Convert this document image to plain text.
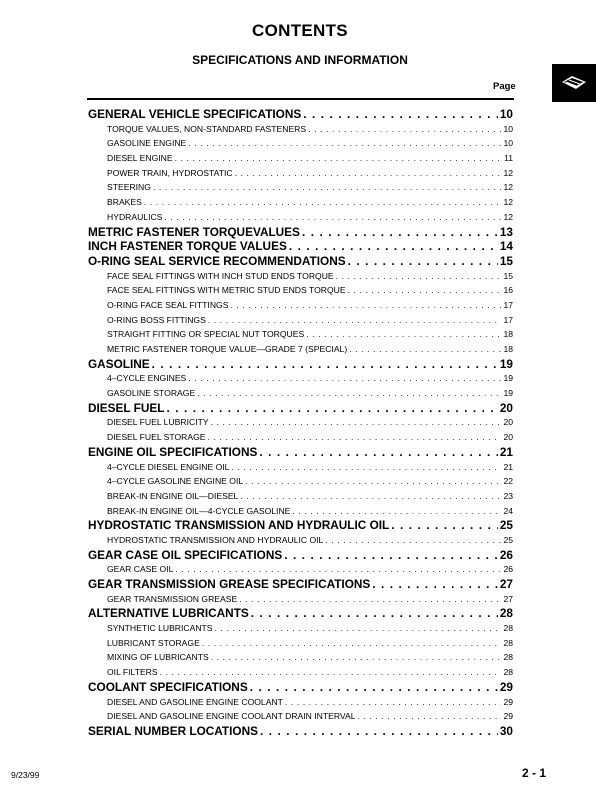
CONTENTS
SPECIFICATIONS AND INFORMATION
Page
GENERAL VEHICLE SPECIFICATIONS . . .	10
TORQUE VALUES, NON-STANDARD FASTENERS . . .	10
GASOLINE ENGINE . . .	10
DIESEL ENGINE . . .	11
POWER TRAIN, HYDROSTATIC . . .	12
STEERING . . .	12
BRAKES . . .	12
HYDRAULICS . . .	12
METRIC FASTENER TORQUEVALUES . . .	13
INCH FASTENER TORQUE VALUES . . .	14
O-RING SEAL SERVICE RECOMMENDATIONS . . .	15
FACE SEAL FITTINGS WITH INCH STUD ENDS TORQUE . . .	15
FACE SEAL FITTINGS WITH METRIC STUD ENDS TORQUE . . .	16
O-RING FACE SEAL FITTINGS . . .	17
O-RING BOSS FITTINGS . . .	17
STRAIGHT FITTING OR SPECIAL NUT TORQUES . . .	18
METRIC FASTENER TORQUE VALUE—GRADE 7 (SPECIAL) . . .	18
GASOLINE . . .	19
4–CYCLE ENGINES . . .	19
GASOLINE STORAGE . . .	19
DIESEL FUEL . . .	20
DIESEL FUEL LUBRICITY . . .	20
DIESEL FUEL STORAGE . . .	20
ENGINE OIL SPECIFICATIONS . . .	21
4–CYCLE DIESEL ENGINE OIL . . .	21
4–CYCLE GASOLINE ENGINE OIL . . .	22
BREAK-IN ENGINE OIL—DIESEL . . .	23
BREAK-IN ENGINE OIL—4-CYCLE GASOLINE . . .	24
HYDROSTATIC TRANSMISSION AND HYDRAULIC OIL . . .	25
HYDROSTATIC TRANSMISSION AND HYDRAULIC OIL . . .	25
GEAR CASE OIL SPECIFICATIONS . . .	26
GEAR CASE OIL . . .	26
GEAR TRANSMISSION GREASE SPECIFICATIONS . . .	27
GEAR TRANSMISSION GREASE . . .	27
ALTERNATIVE LUBRICANTS . . .	28
SYNTHETIC LUBRICANTS . . .	28
LUBRICANT STORAGE . . .	28
MIXING OF LUBRICANTS . . .	28
OIL FILTERS . . .	28
COOLANT SPECIFICATIONS . . .	29
DIESEL AND GASOLINE ENGINE COOLANT . . .	29
DIESEL AND GASOLINE ENGINE COOLANT DRAIN INTERVAL . . .	29
SERIAL NUMBER LOCATIONS . . .	30
9/23/99	2 - 1
